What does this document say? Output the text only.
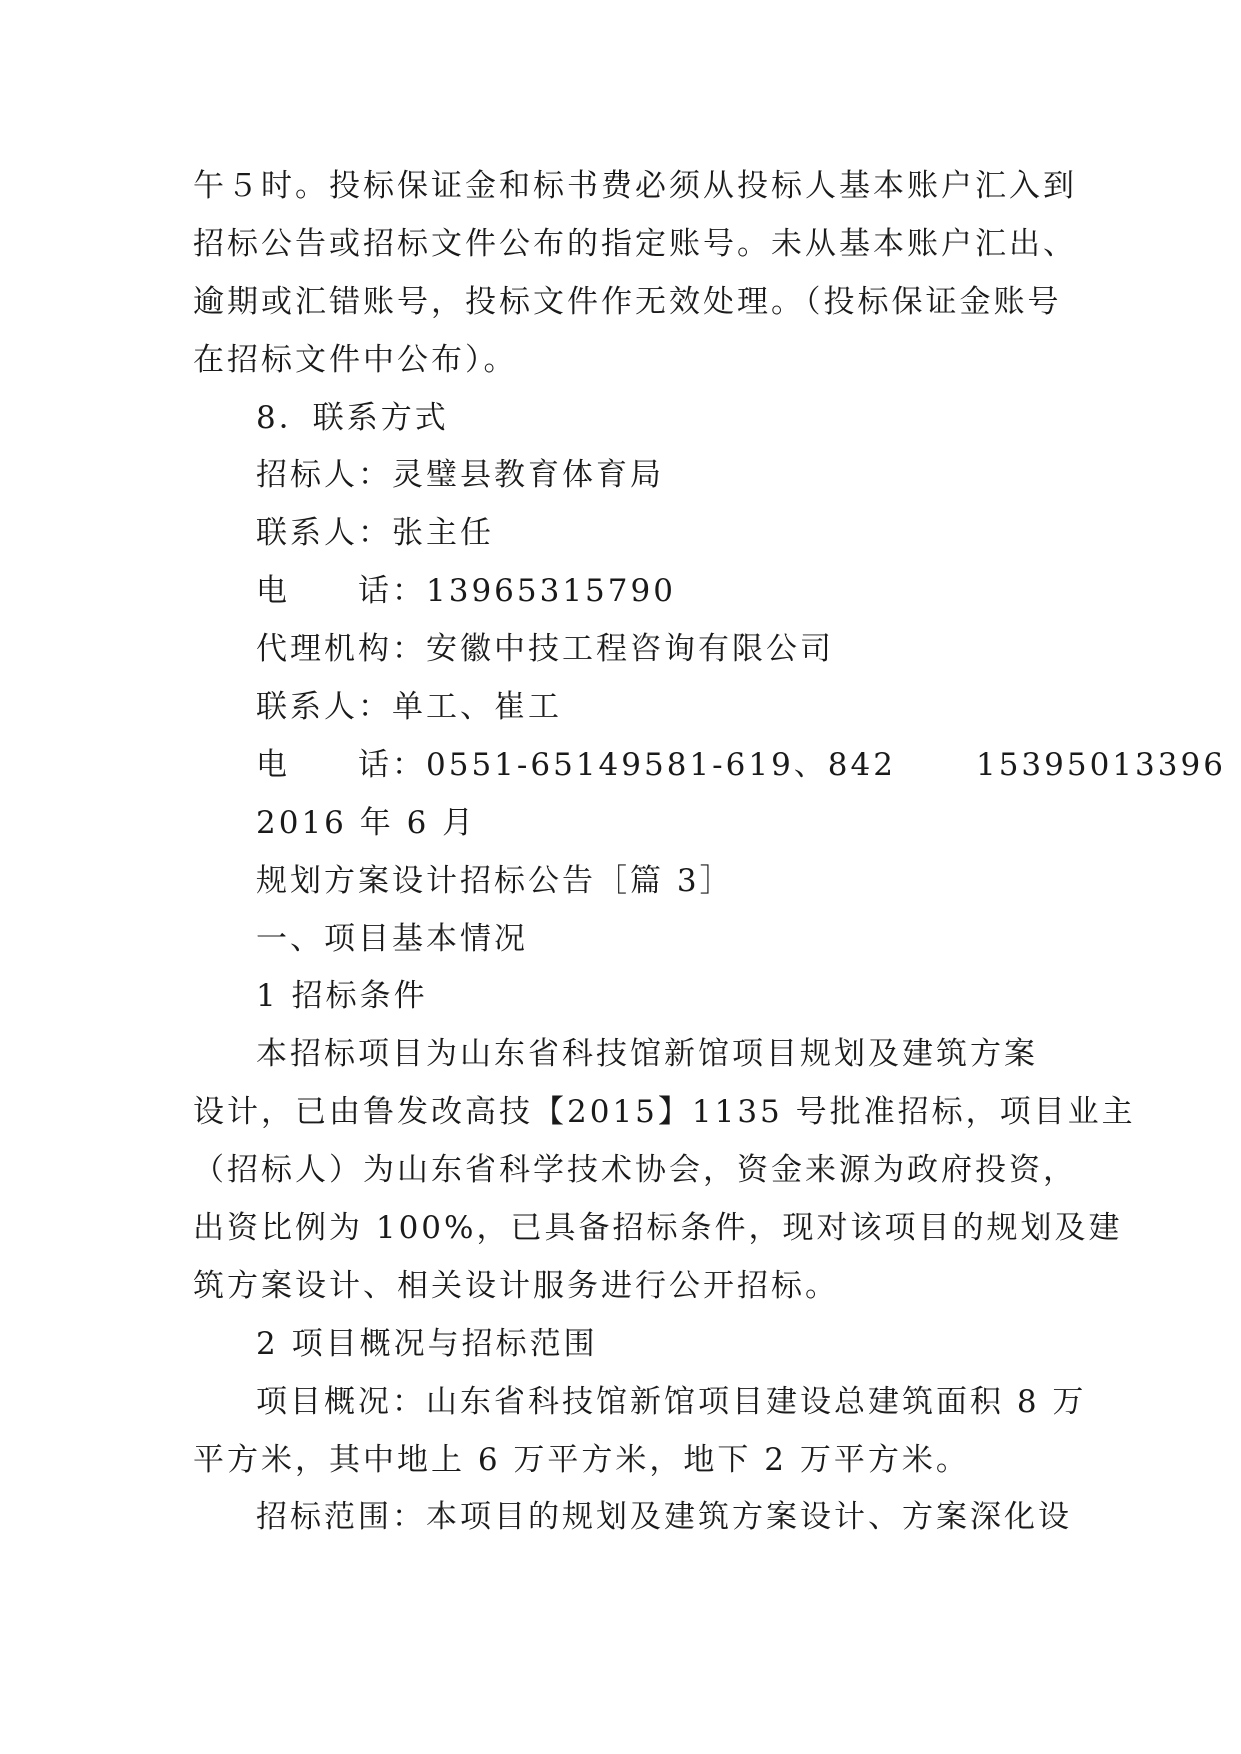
午５时。投标保证金和标书费必须从投标人基本账户汇入到
招标公告或招标文件公布的指定账号。未从基本账户汇出、
逾期或汇错账号，投标文件作无效处理。（投标保证金账号
在招标文件中公布）。
8．联系方式
招标人：灵璧县教育体育局
联系人：张主任
电　　话：13965315790
代理机构：安徽中技工程咨询有限公司
联系人：单工、崔工
电　　话：0551-65149581-619、842	15395013396
2016 年 6 月
规划方案设计招标公告［篇 3］
一、项目基本情况
1 招标条件
本招标项目为山东省科技馆新馆项目规划及建筑方案
设计，已由鲁发改高技【2015】1135 号批准招标，项目业主
（招标人）为山东省科学技术协会，资金来源为政府投资，
出资比例为 100%，已具备招标条件，现对该项目的规划及建
筑方案设计、相关设计服务进行公开招标。
2 项目概况与招标范围
项目概况：山东省科技馆新馆项目建设总建筑面积 8 万
平方米，其中地上 6 万平方米，地下 2 万平方米。
招标范围：本项目的规划及建筑方案设计、方案深化设
